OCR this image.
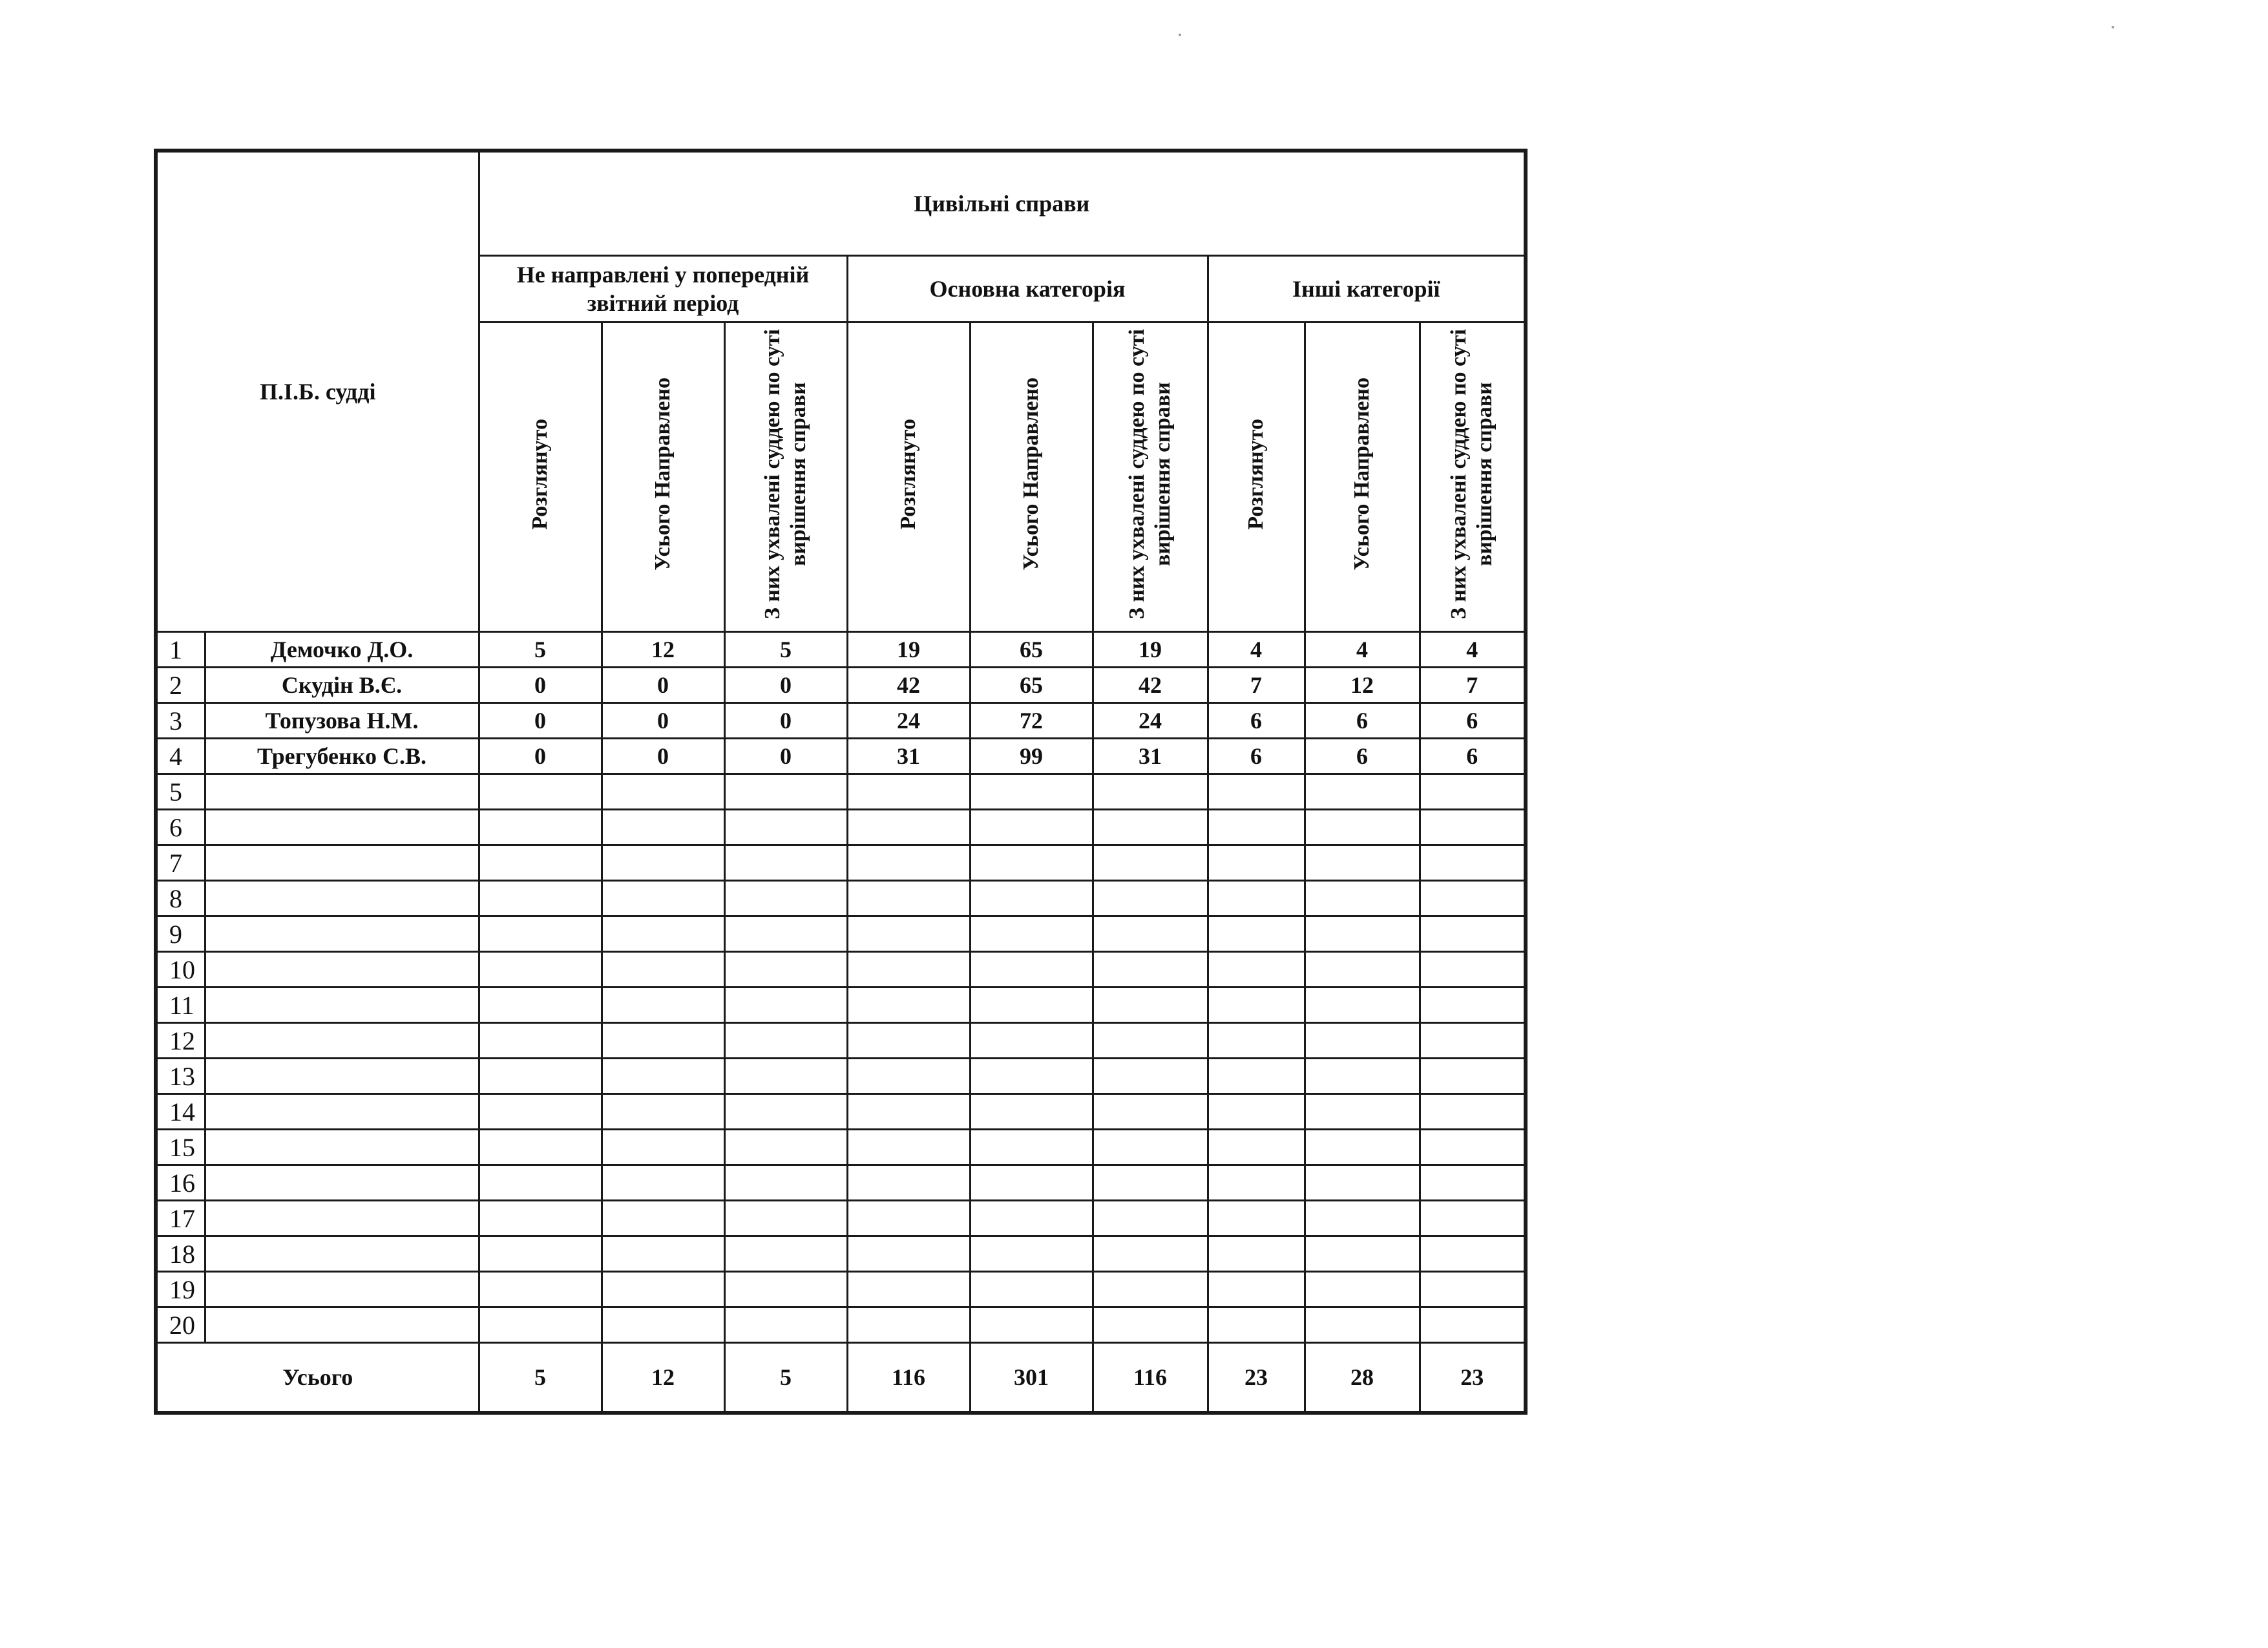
П.І.Б. судді		Цивільні справи								
		Не направлені у попередній звітний період			Основна категорія			Інші категорії		
		Розглянуто	Усього Направлено	З них ухвалені суддею по суті вирішення справи	Розглянуто	Усього Направлено	З них ухвалені суддею по суті вирішення справи	Розглянуто	Усього Направлено	З них ухвалені суддею по суті вирішення справи
1	Демочко Д.О.	5	12	5	19	65	19	4	4	4
2	Скудін В.Є.	0	0	0	42	65	42	7	12	7
3	Топузова Н.М.	0	0	0	24	72	24	6	6	6
4	Трегубенко С.В.	0	0	0	31	99	31	6	6	6
5										
6										
7										
8										
9										
10										
11										
12										
13										
14										
15										
16										
17										
18										
19										
20										
Усього		5	12	5	116	301	116	23	28	23
